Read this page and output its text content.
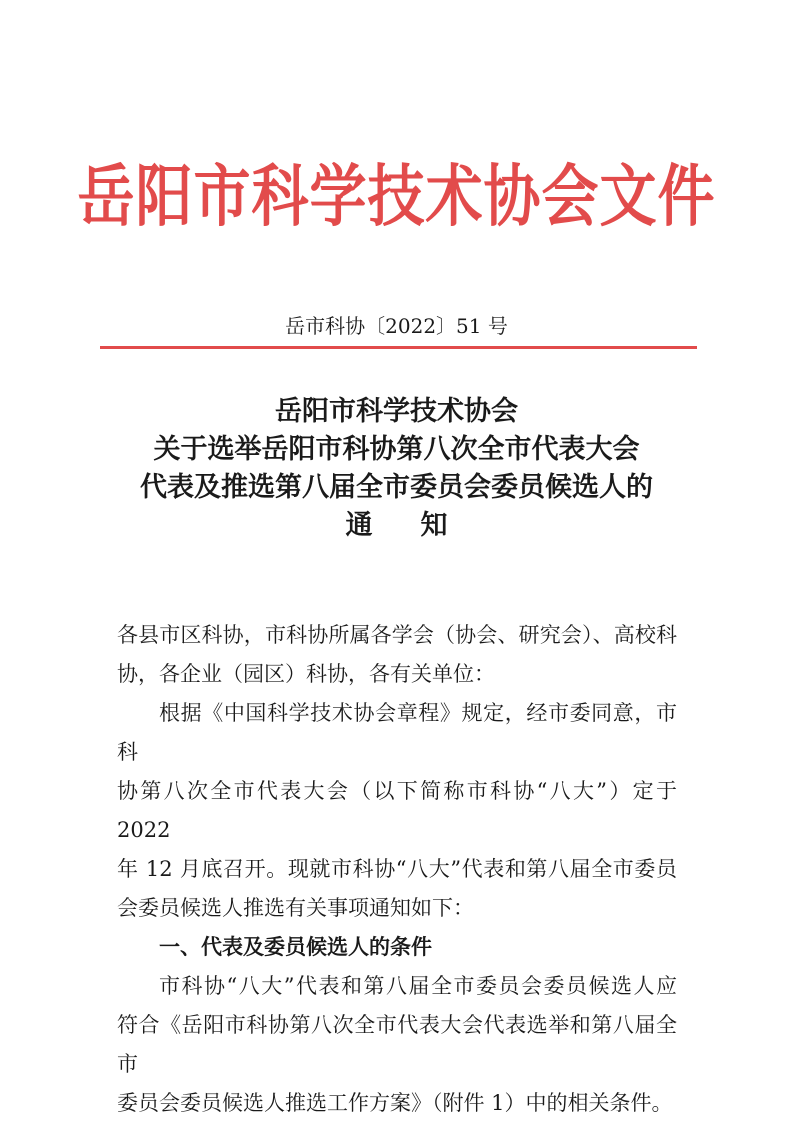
岳阳市科学技术协会文件
岳市科协〔2022〕51 号
岳阳市科学技术协会
关于选举岳阳市科协第八次全市代表大会
代表及推选第八届全市委员会委员候选人的
通知

各县市区科协，市科协所属各学会（协会、研究会）、高校科

协，各企业（园区）科协，各有关单位：

根据《中国科学技术协会章程》规定，经市委同意，市科

协第八次全市代表大会（以下简称市科协“八大”）定于 2022

年 12 月底召开。现就市科协“八大”代表和第八届全市委员

会委员候选人推选有关事项通知如下：

一、代表及委员候选人的条件

市科协“八大”代表和第八届全市委员会委员候选人应

符合《岳阳市科协第八次全市代表大会代表选举和第八届全市

委员会委员候选人推选工作方案》（附件 1）中的相关条件。
